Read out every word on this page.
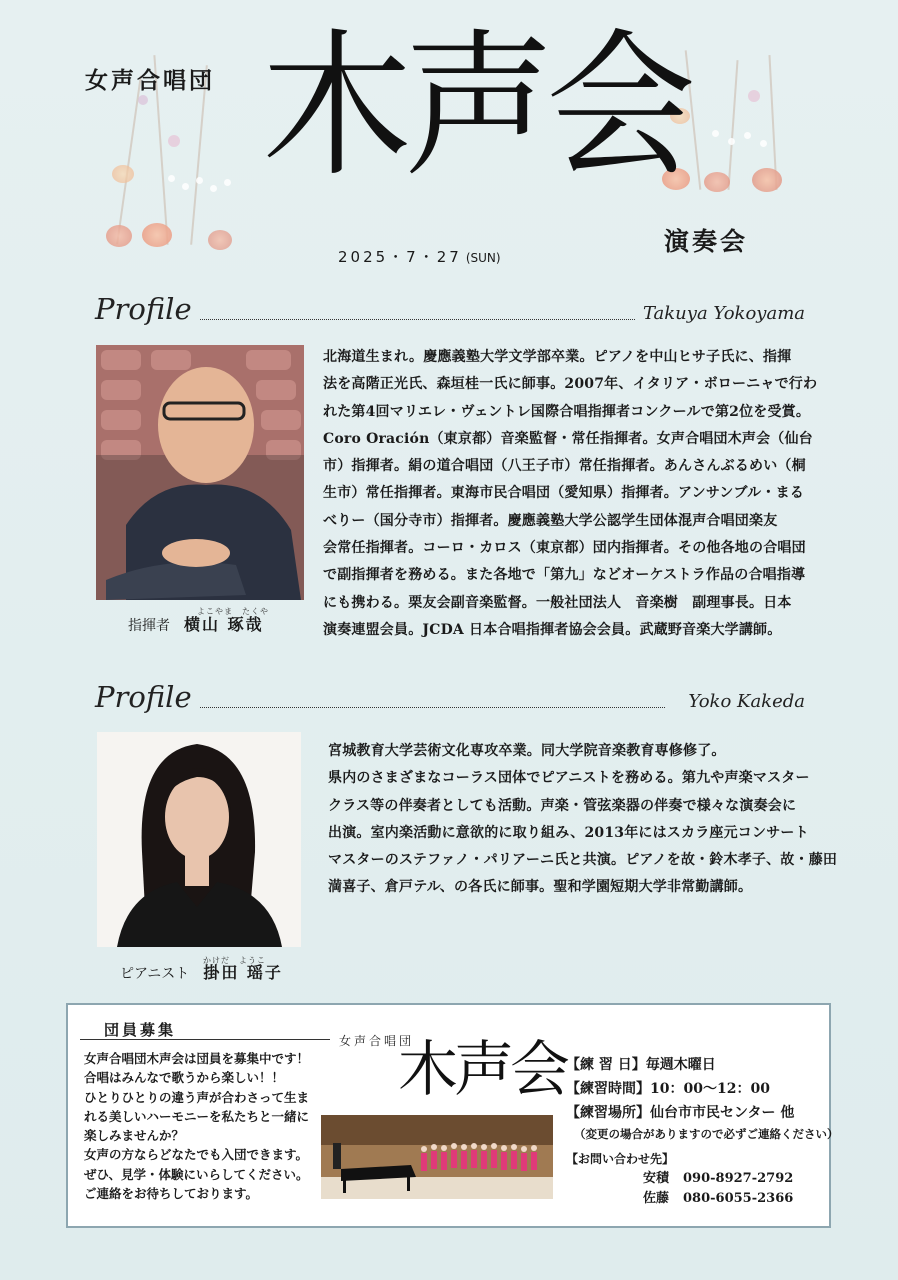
女声合唱団 木声会
演奏会
2025・7・27 (SUN)
Profile	Takuya Yokoyama
よこやま　たくや
指揮者 横山 琢哉

北海道生まれ。慶應義塾大学文学部卒業。ピアノを中山ヒサ子氏に、指揮

法を高階正光氏、森垣桂一氏に師事。2007年、イタリア・ボローニャで行わ

れた第4回マリエレ・ヴェントレ国際合唱指揮者コンクールで第2位を受賞。

Coro Oración（東京都）音楽監督・常任指揮者。女声合唱団木声会（仙台

市）指揮者。絹の道合唱団（八王子市）常任指揮者。あんさんぶるめい（桐

生市）常任指揮者。東海市民合唱団（愛知県）指揮者。アンサンブル・まる

べりー（国分寺市）指揮者。慶應義塾大学公認学生団体混声合唱団楽友

会常任指揮者。コーロ・カロス（東京都）団内指揮者。その他各地の合唱団

で副指揮者を務める。また各地で「第九」などオーケストラ作品の合唱指導

にも携わる。栗友会副音楽監督。一般社団法人　音楽樹　副理事長。日本

演奏連盟会員。JCDA 日本合唱指揮者協会会員。武蔵野音楽大学講師。

Profile	Yoko Kakeda
かけだ　ようこ
ピアニスト 掛田 瑶子

宮城教育大学芸術文化専攻卒業。同大学院音楽教育専修修了。

県内のさまざまなコーラス団体でピアニストを務める。第九や声楽マスター

クラス等の伴奏者としても活動。声楽・管弦楽器の伴奏で様々な演奏会に

出演。室内楽活動に意欲的に取り組み、2013年にはスカラ座元コンサート

マスターのステファノ・パリアーニ氏と共演。ピアノを故・鈴木孝子、故・藤田

満喜子、倉戸テル、の各氏に師事。聖和学園短期大学非常勤講師。

団員募集
女声合唱団木声会は団員を募集中です！
合唱はみんなで歌うから楽しい！！
ひとりひとりの違う声が合わさって生ま
れる美しいハーモニーを私たちと一緒に
楽しみませんか？
女声の方ならどなたでも入団できます。
ぜひ、見学・体験にいらしてください。
ご連絡をお待ちしております。
女声合唱団
木声会 【練 習 日】毎週木曜日
【練習時間】10：00～12：00
【練習場所】仙台市市民センター 他
（変更の場合がありますので必ずご連絡ください）
【お問い合わせ先】
安積 090-8927-2792
佐藤 080-6055-2366
